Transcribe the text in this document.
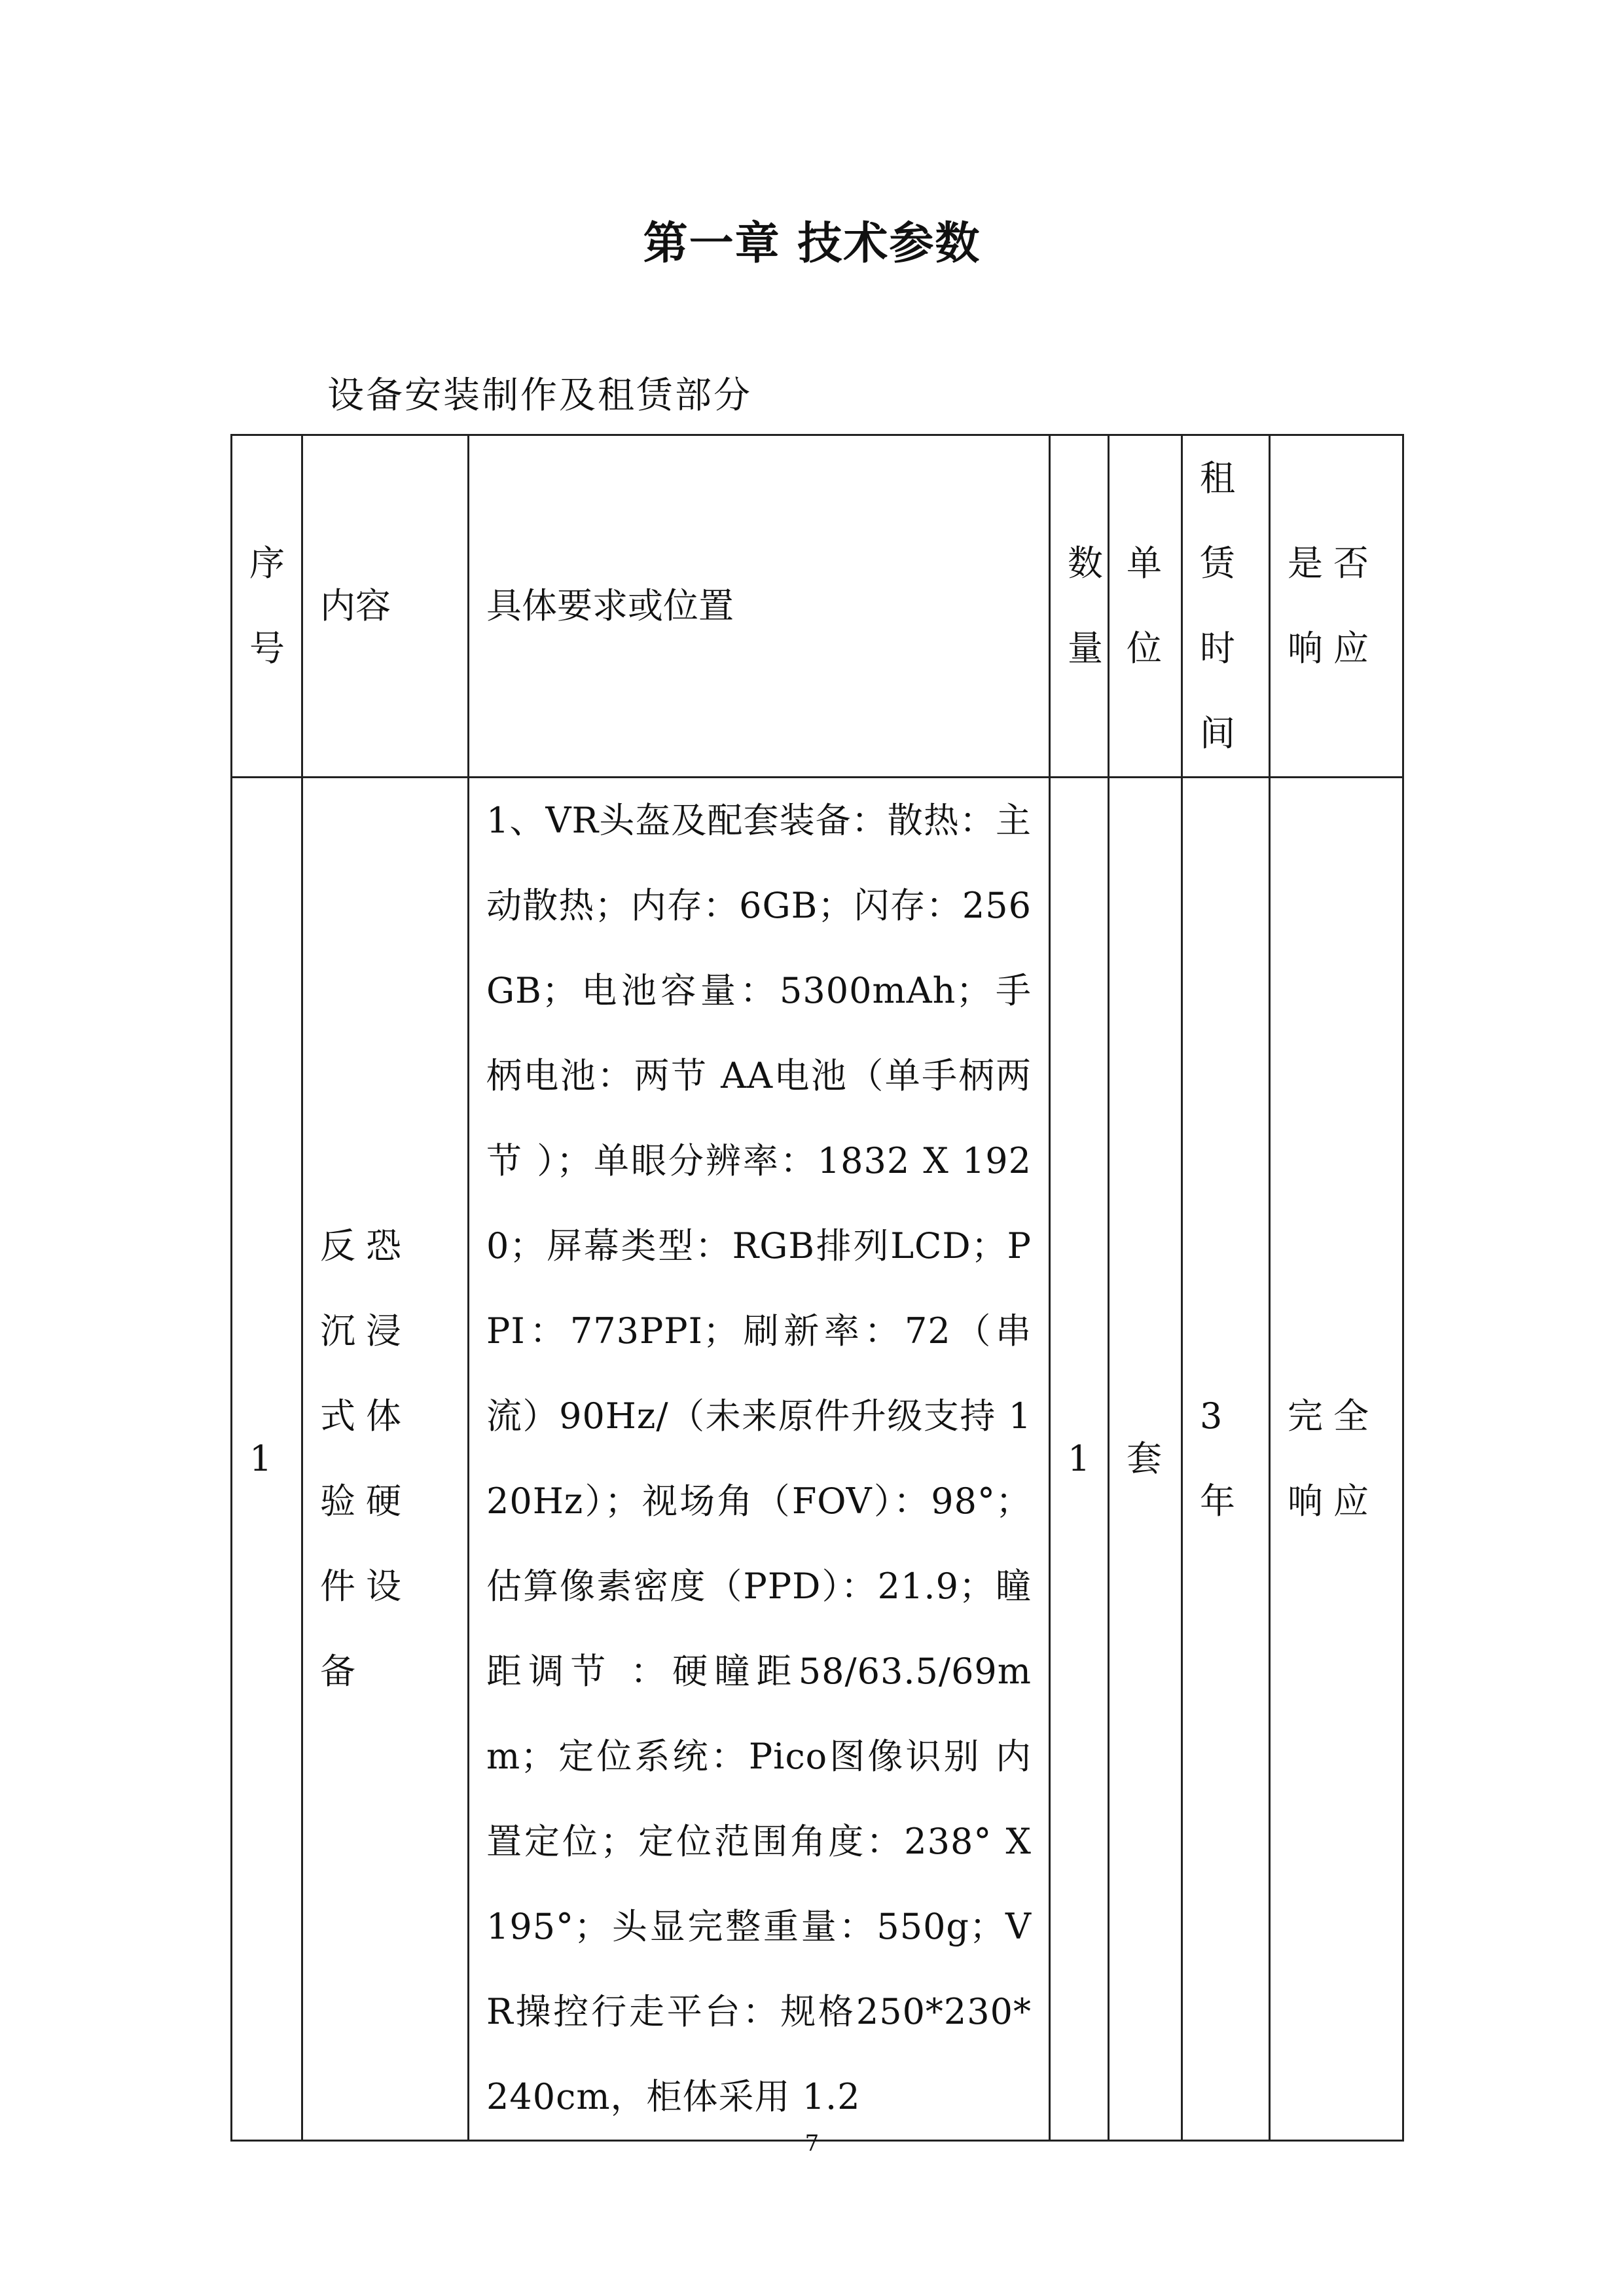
第一章 技术参数
设备安装制作及租赁部分
序号	内容	具体要求或位置	数量	单位	租赁时间	是否响应
1	反恐沉浸式体验硬件设备	1、VR头盔及配套装备：散热：主动散热；内存：6GB；闪存：256GB；电池容量：5300mAh；手柄电池：两节 AA电池（单手柄两节 ）；单眼分辨率：1832 X 1920；屏幕类型：RGB排列LCD；PPI：773PPI；刷新率：72（串流）90Hz/（未来原件升级支持 120Hz）；视场角（FOV）：98°；估算像素密度（PPD）：21.9；瞳距调节 ：硬瞳距58/63.5/69mm；定位系统：Pico图像识别 内置定位；定位范围角度：238° X 195°；头显完整重量：550g；VR操控行走平台：规格250*230*240cm，柜体采用 1.2	1	套	3年	完全响应
7
